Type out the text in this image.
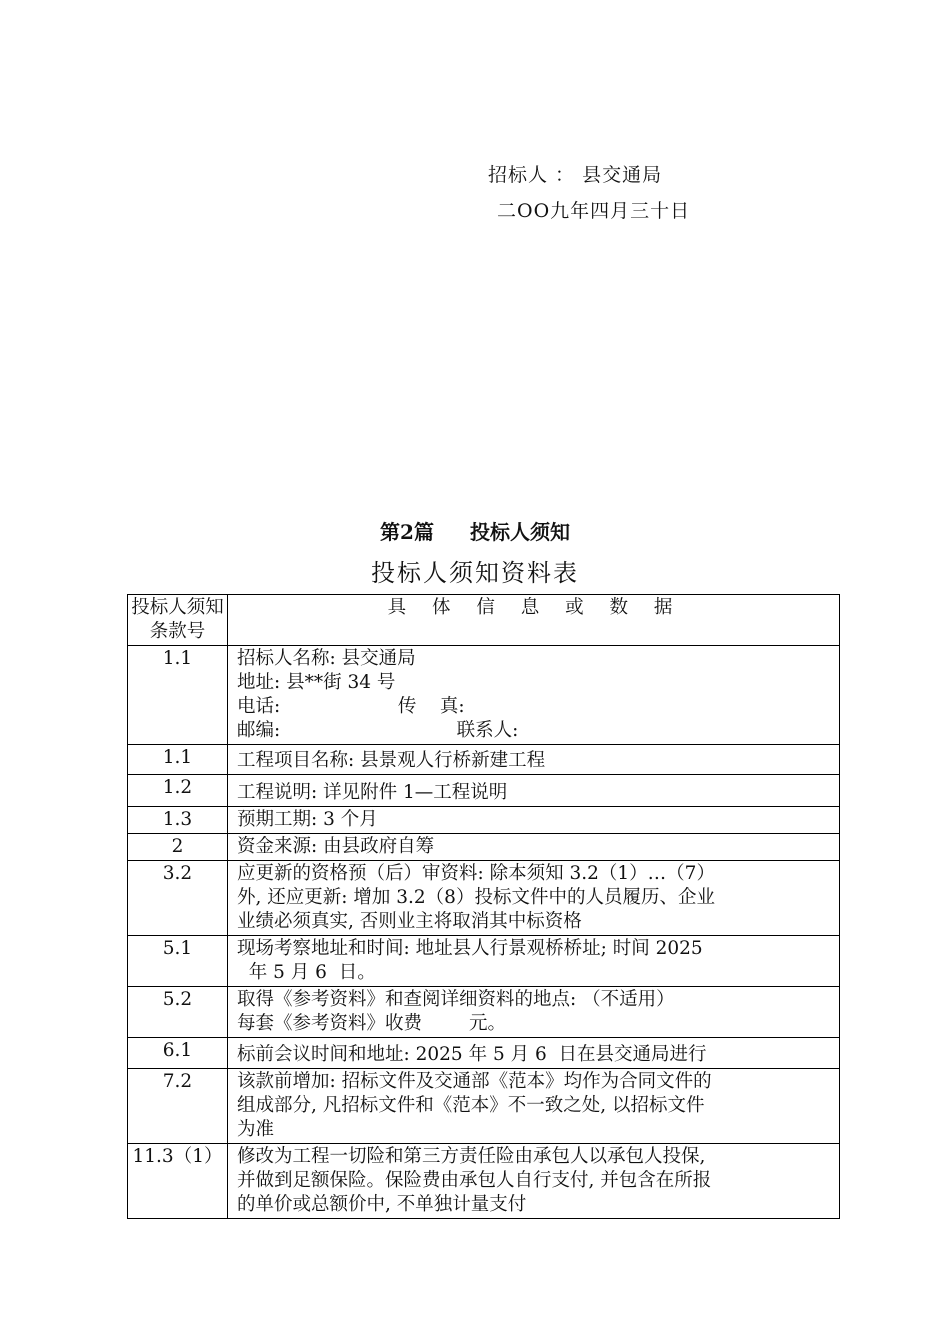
招标人 ： 县交通局
二OO九年四月三十日
第2篇 投标人须知
投标人须知资料表
投标人须知条款号	具 体 信 息 或 数 据
1.1	招标人名称: 县交通局
地址: 县**街 34 号
电话:                    传    真:
邮编:                              联系人:

1.1	工程项目名称: 县景观人行桥新建工程

1.2	工程说明: 详见附件 1—工程说明

1.3	预期工期: 3 个月

2	资金来源: 由县政府自筹

3.2	应更新的资格预（后）审资料: 除本须知 3.2（1）…（7）
外, 还应更新: 增加 3.2（8）投标文件中的人员履历、企业
业绩必须真实, 否则业主将取消其中标资格

5.1	现场考察地址和时间: 地址县人行景观桥桥址; 时间 2025
年 5 月 6  日。

5.2	取得《参考资料》和查阅详细资料的地点: （不适用）
每套《参考资料》收费        元。

6.1	标前会议时间和地址: 2025 年 5 月 6  日在县交通局进行

7.2	该款前增加: 招标文件及交通部《范本》均作为合同文件的
组成部分, 凡招标文件和《范本》不一致之处, 以招标文件
为准

11.3（1）	修改为工程一切险和第三方责任险由承包人以承包人投保,
并做到足额保险。保险费由承包人自行支付, 并包含在所报
的单价或总额价中, 不单独计量支付
